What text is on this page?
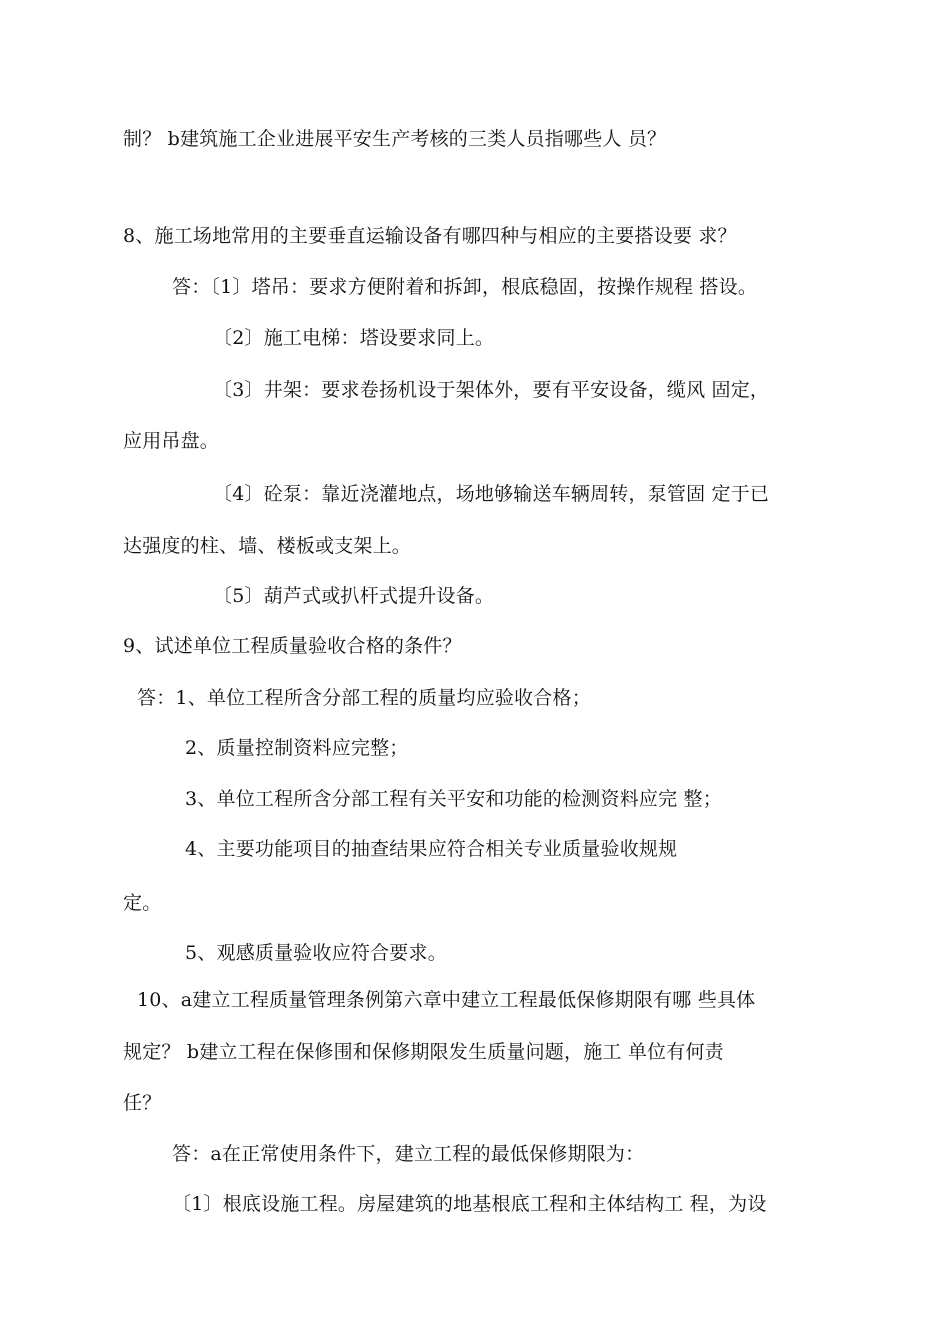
制？ b建筑施工企业进展平安生产考核的三类人员指哪些人 员？
8、施工场地常用的主要垂直运输设备有哪四种与相应的主要搭设要 求？
答：〔1〕塔吊：要求方便附着和拆卸，根底稳固，按操作规程 搭设。
〔2〕施工电梯：塔设要求同上。
〔3〕井架：要求卷扬机设于架体外，要有平安设备，缆风 固定，
应用吊盘。
〔4〕砼泵：靠近浇灌地点，场地够输送车辆周转，泵管固 定于已
达强度的柱、墙、楼板或支架上。
〔5〕葫芦式或扒杆式提升设备。
9、试述单位工程质量验收合格的条件？
答：1、单位工程所含分部工程的质量均应验收合格；
2、质量控制资料应完整；
3、单位工程所含分部工程有关平安和功能的检测资料应完 整；
4、主要功能项目的抽查结果应符合相关专业质量验收规规
定。
5、观感质量验收应符合要求。
10、a建立工程质量管理条例第六章中建立工程最低保修期限有哪 些具体
规定？ b建立工程在保修围和保修期限发生质量问题，施工 单位有何责
任？
答：a在正常使用条件下，建立工程的最低保修期限为：
〔1〕根底设施工程。房屋建筑的地基根底工程和主体结构工 程，为设
